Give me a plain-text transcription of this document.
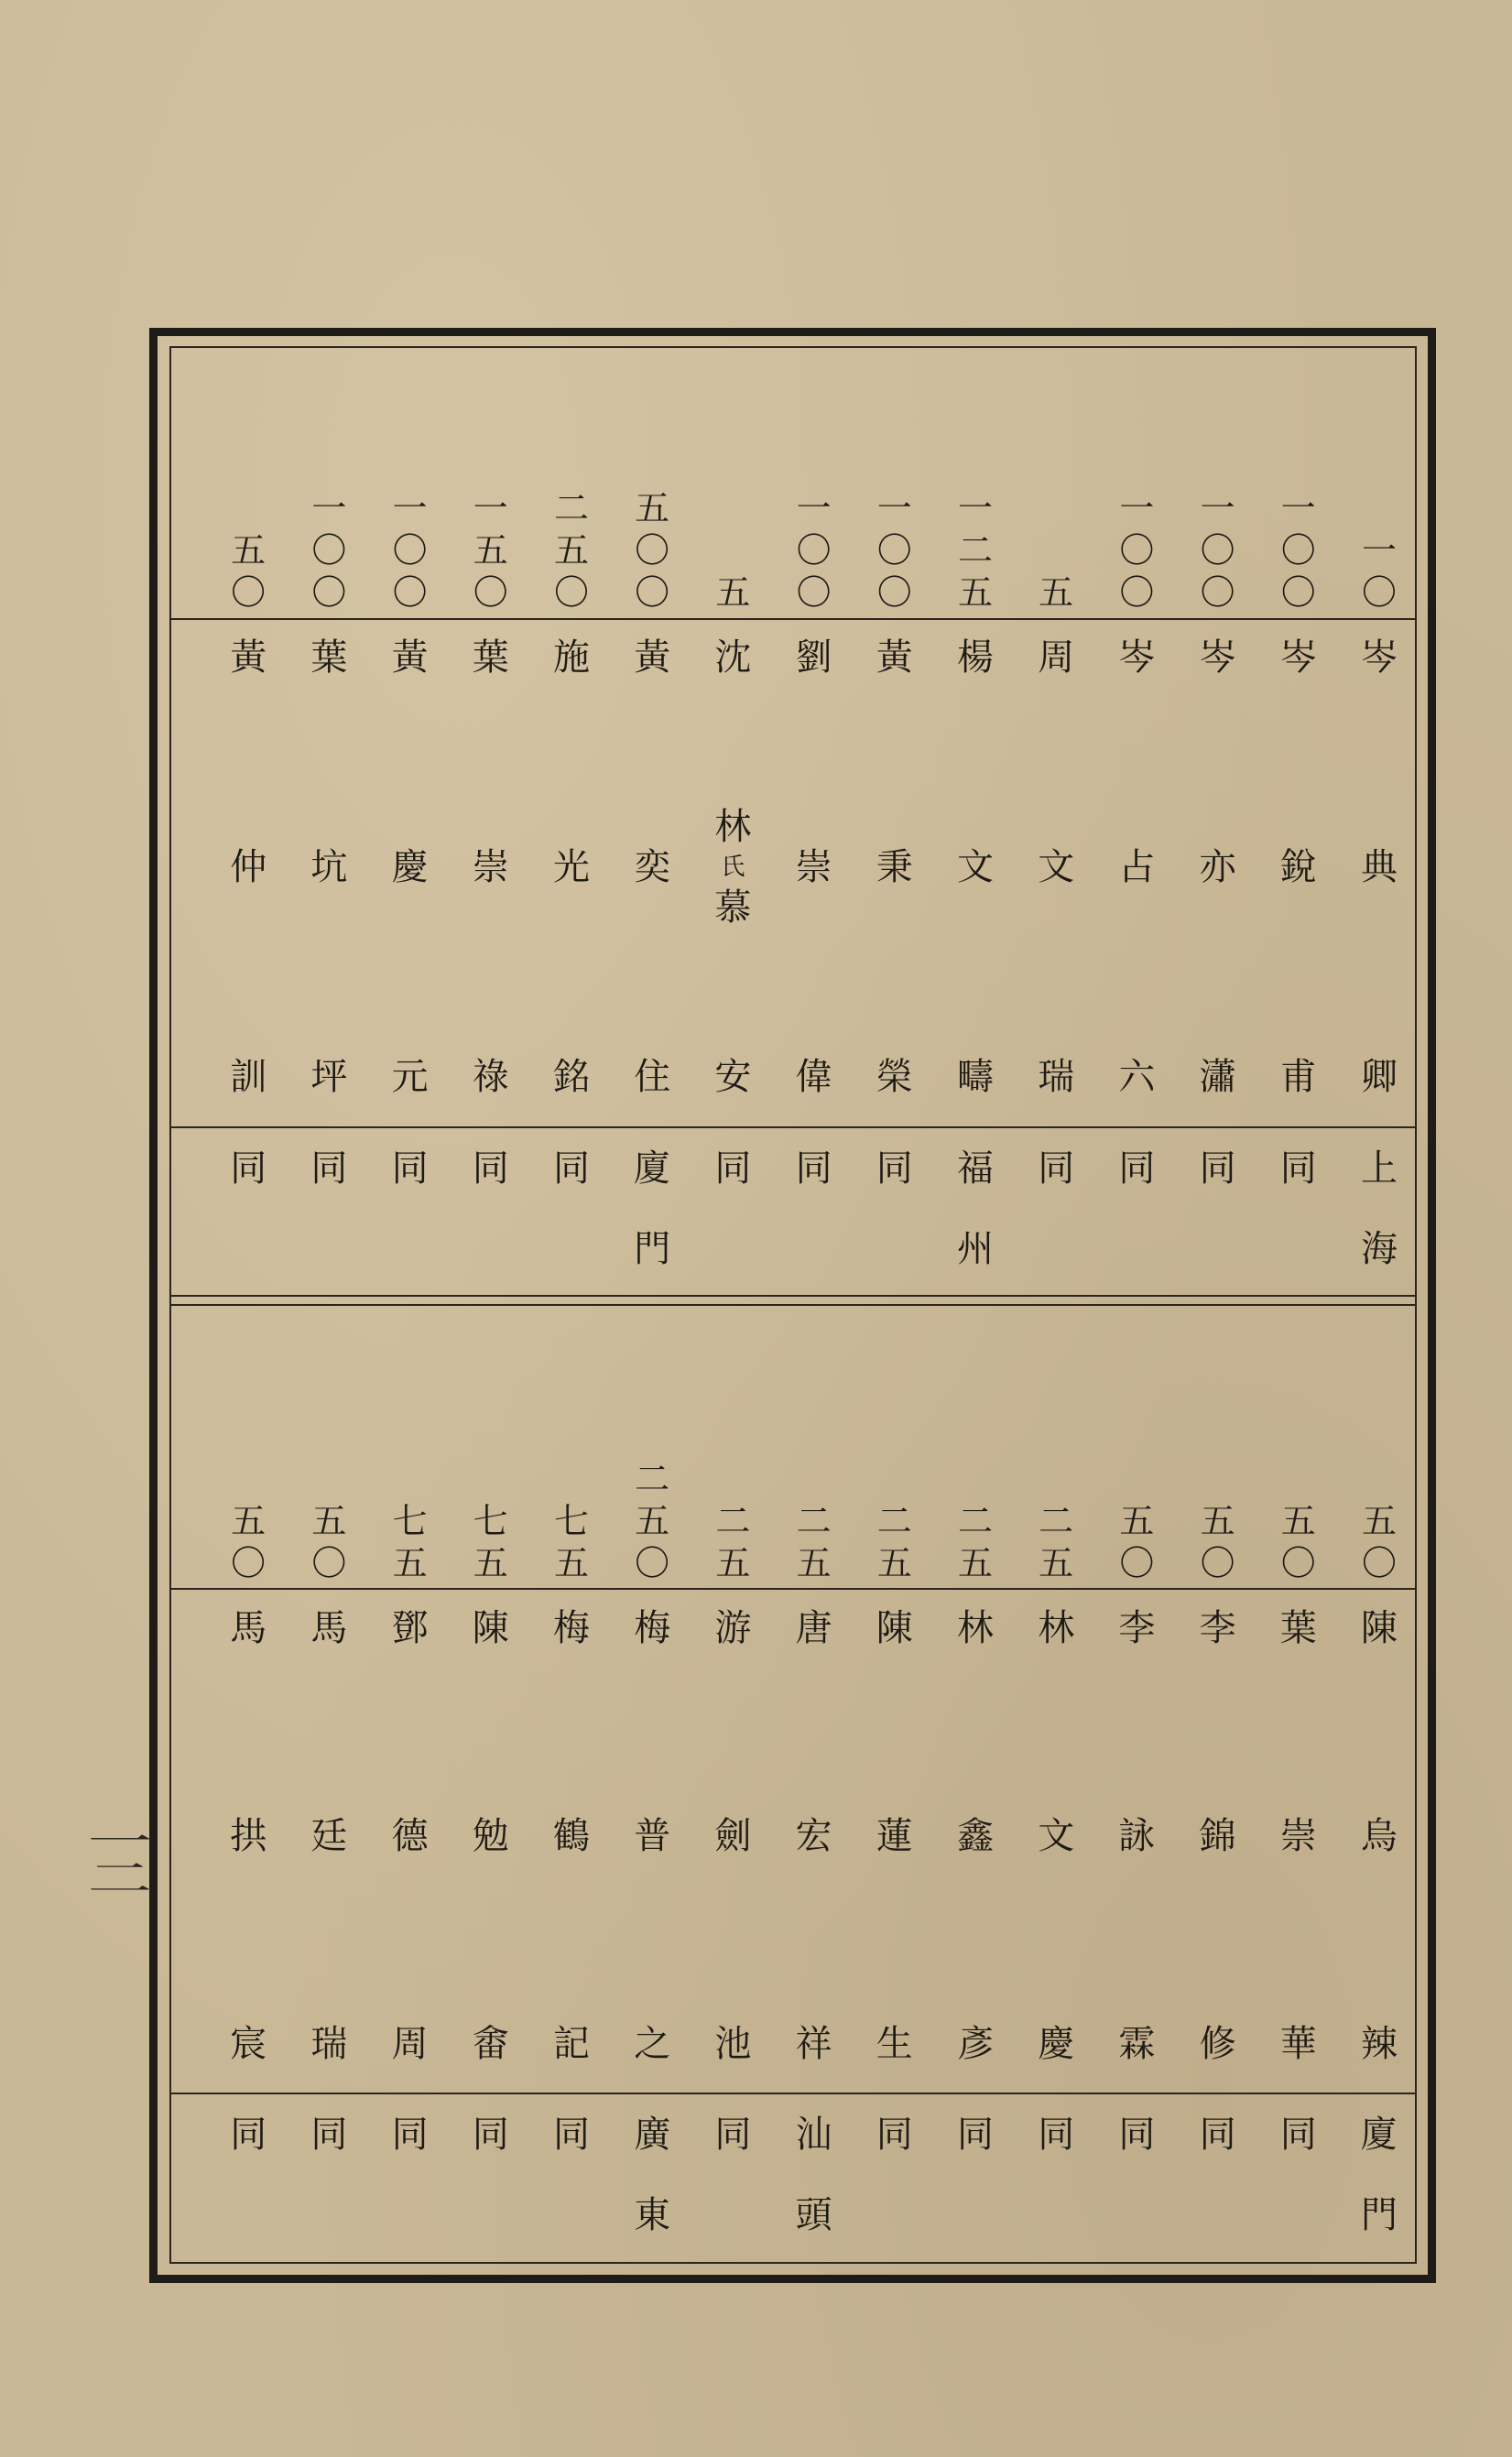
一
〇
一
〇
〇
一
〇
〇
一
〇
〇
五
一
二
五
一
〇
〇
一
〇
〇
五
五
〇
〇
二
五
〇
一
五
〇
一
〇
〇
一
〇
〇
五
〇
岑
典
卿
岑
銳
甫
岑
亦
瀟
岑
占
六
周
文
瑞
楊
文
疇
黃
秉
榮
劉
崇
偉
沈
林
氏
慕
安
黃
奕
住
施
光
銘
葉
崇
祿
黃
慶
元
葉
坑
坪
黃
仲
訓
上
海
同
同
同
同
福
州
同
同
同
廈
門
同
同
同
同
同
五
〇
五
〇
五
〇
五
〇
二
五
二
五
二
五
二
五
二
五
二
五
〇
七
五
七
五
七
五
五
〇
五
〇
陳
烏
辣
葉
崇
華
李
錦
修
李
詠
霖
林
文
慶
林
鑫
彥
陳
蓮
生
唐
宏
祥
游
劍
池
梅
普
之
梅
鶴
記
陳
勉
畬
鄧
德
周
馬
廷
瑞
馬
拱
宸
廈
門
同
同
同
同
同
同
汕
頭
同
廣
東
同
同
同
同
同
一
二
